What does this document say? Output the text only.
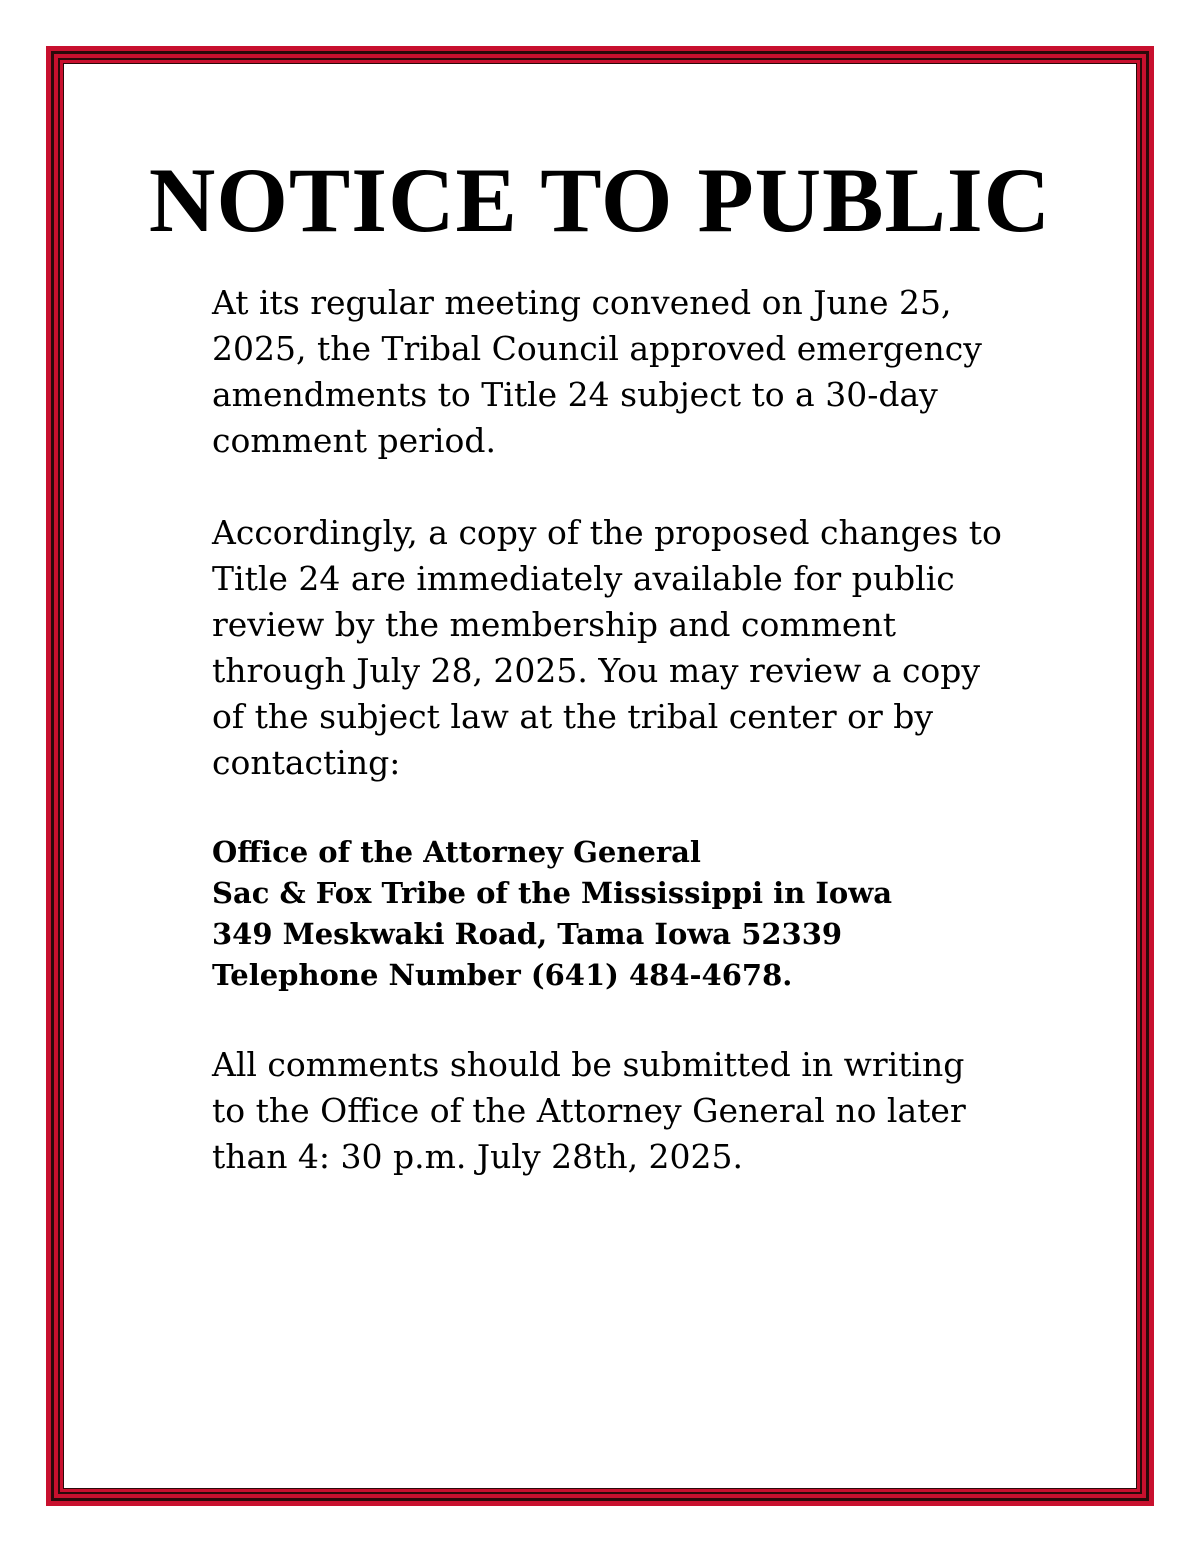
NOTICE TO PUBLIC

At its regular meeting convened on June 25, 2025, the Tribal Council approved emergency amendments to Title 24 subject to a 30-day comment period.

Accordingly, a copy of the proposed changes to Title 24 are immediately available for public review by the membership and comment through July 28, 2025. You may review a copy of the subject law at the tribal center or by contacting:

Office of the Attorney General
Sac & Fox Tribe of the Mississippi in Iowa
349 Meskwaki Road, Tama Iowa 52339
Telephone Number (641) 484-4678.

All comments should be submitted in writing to the Office of the Attorney General no later than 4: 30 p.m. July 28th, 2025.
